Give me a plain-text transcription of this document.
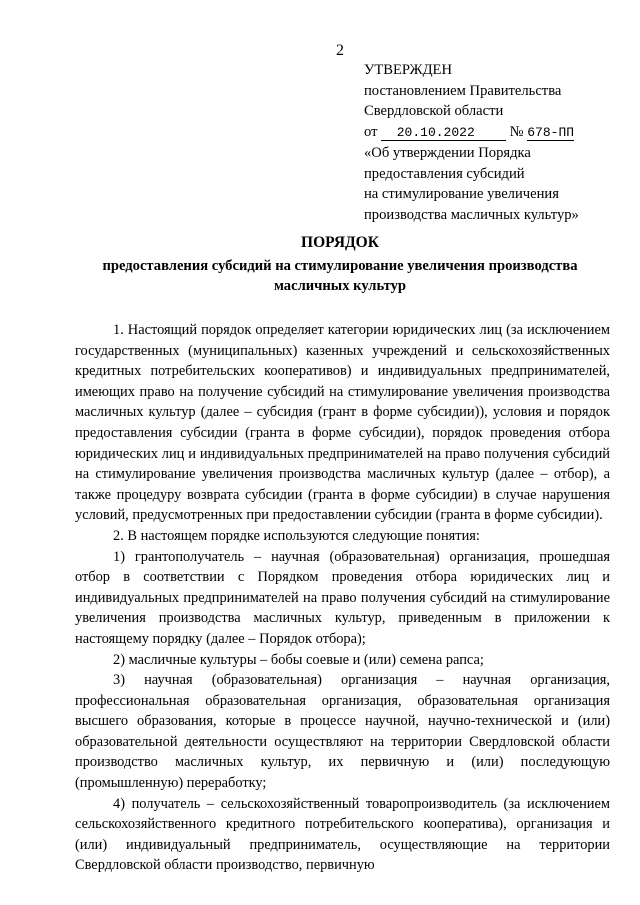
2
УТВЕРЖДЕН
постановлением Правительства
Свердловской области
от 20.10.2022 № 678-ПП
«Об утверждении Порядка
предоставления субсидий
на стимулирование увеличения
производства масличных культур»
ПОРЯДОК
предоставления субсидий на стимулирование увеличения производства масличных культур

1. Настоящий порядок определяет категории юридических лиц (за исключением государственных (муниципальных) казенных учреждений и сельскохозяйственных кредитных потребительских кооперативов) и индивидуальных предпринимателей, имеющих право на получение субсидий на стимулирование увеличения производства масличных культур (далее – субсидия (грант в форме субсидии)), условия и порядок предоставления субсидии (гранта в форме субсидии), порядок проведения отбора юридических лиц и индивидуальных предпринимателей на право получения субсидий на стимулирование увеличения производства масличных культур (далее – отбор), а также процедуру возврата субсидии (гранта в форме субсидии) в случае нарушения условий, предусмотренных при предоставлении субсидии (гранта в форме субсидии).

2. В настоящем порядке используются следующие понятия:

1) грантополучатель – научная (образовательная) организация, прошедшая отбор в соответствии с Порядком проведения отбора юридических лиц и индивидуальных предпринимателей на право получения субсидий на стимулирование увеличения производства масличных культур, приведенным в приложении к настоящему порядку (далее – Порядок отбора);

2) масличные культуры – бобы соевые и (или) семена рапса;

3) научная (образовательная) организация – научная организация, профессиональная образовательная организация, образовательная организация высшего образования, которые в процессе научной, научно-технической и (или) образовательной деятельности осуществляют на территории Свердловской области производство масличных культур, их первичную и (или) последующую (промышленную) переработку;

4) получатель – сельскохозяйственный товаропроизводитель (за исключением сельскохозяйственного кредитного потребительского кооператива), организация и (или) индивидуальный предприниматель, осуществляющие на территории Свердловской области производство, первичную
